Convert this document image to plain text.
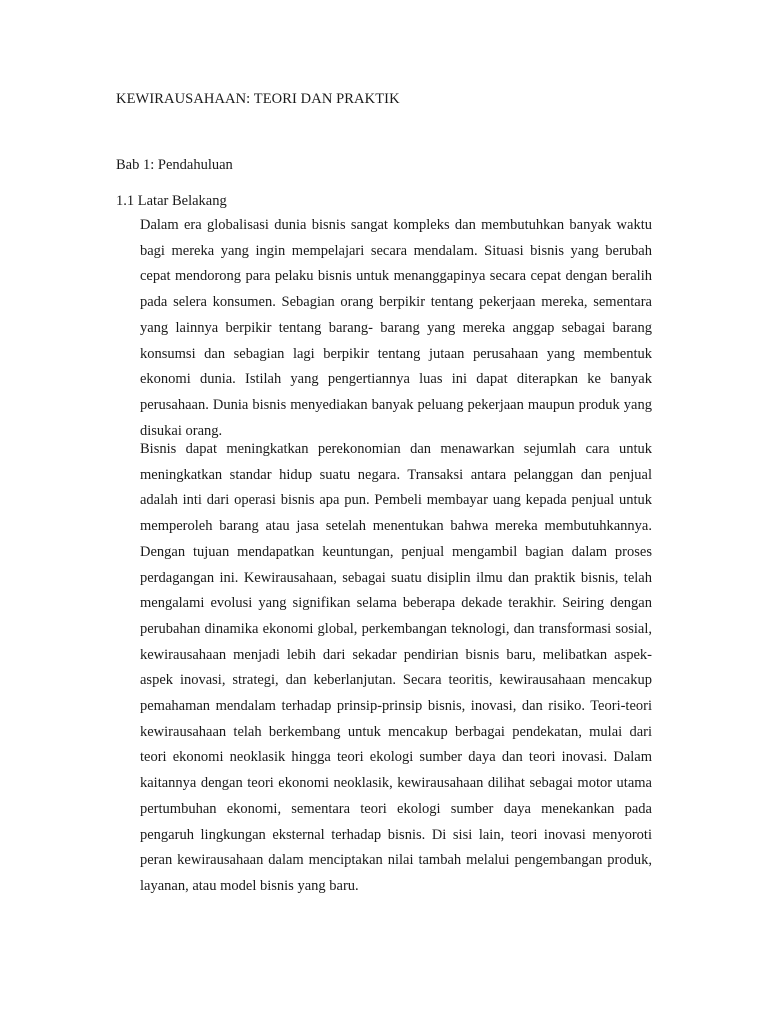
KEWIRAUSAHAAN: TEORI DAN PRAKTIK
Bab 1: Pendahuluan
1.1 Latar Belakang

Dalam era globalisasi dunia bisnis sangat kompleks dan membutuhkan banyak waktu bagi mereka yang ingin mempelajari secara mendalam. Situasi bisnis yang berubah cepat mendorong para pelaku bisnis untuk menanggapinya secara cepat dengan beralih pada selera konsumen. Sebagian orang berpikir tentang pekerjaan mereka, sementara yang lainnya berpikir tentang barang- barang yang mereka anggap sebagai barang konsumsi dan sebagian lagi berpikir tentang jutaan perusahaan yang membentuk ekonomi dunia. Istilah yang pengertiannya luas ini dapat diterapkan ke banyak perusahaan. Dunia bisnis menyediakan banyak peluang pekerjaan maupun produk yang disukai orang.

Bisnis dapat meningkatkan perekonomian dan menawarkan sejumlah cara untuk meningkatkan standar hidup suatu negara. Transaksi antara pelanggan dan penjual adalah inti dari operasi bisnis apa pun. Pembeli membayar uang kepada penjual untuk memperoleh barang atau jasa setelah menentukan bahwa mereka membutuhkannya. Dengan tujuan mendapatkan keuntungan, penjual mengambil bagian dalam proses perdagangan ini. Kewirausahaan, sebagai suatu disiplin ilmu dan praktik bisnis, telah mengalami evolusi yang signifikan selama beberapa dekade terakhir. Seiring dengan perubahan dinamika ekonomi global, perkembangan teknologi, dan transformasi sosial, kewirausahaan menjadi lebih dari sekadar pendirian bisnis baru, melibatkan aspek-aspek inovasi, strategi, dan keberlanjutan. Secara teoritis, kewirausahaan mencakup pemahaman mendalam terhadap prinsip-prinsip bisnis, inovasi, dan risiko. Teori-teori kewirausahaan telah berkembang untuk mencakup berbagai pendekatan, mulai dari teori ekonomi neoklasik hingga teori ekologi sumber daya dan teori inovasi. Dalam kaitannya dengan teori ekonomi neoklasik, kewirausahaan dilihat sebagai motor utama pertumbuhan ekonomi, sementara teori ekologi sumber daya menekankan pada pengaruh lingkungan eksternal terhadap bisnis. Di sisi lain, teori inovasi menyoroti peran kewirausahaan dalam menciptakan nilai tambah melalui pengembangan produk, layanan, atau model bisnis yang baru.
